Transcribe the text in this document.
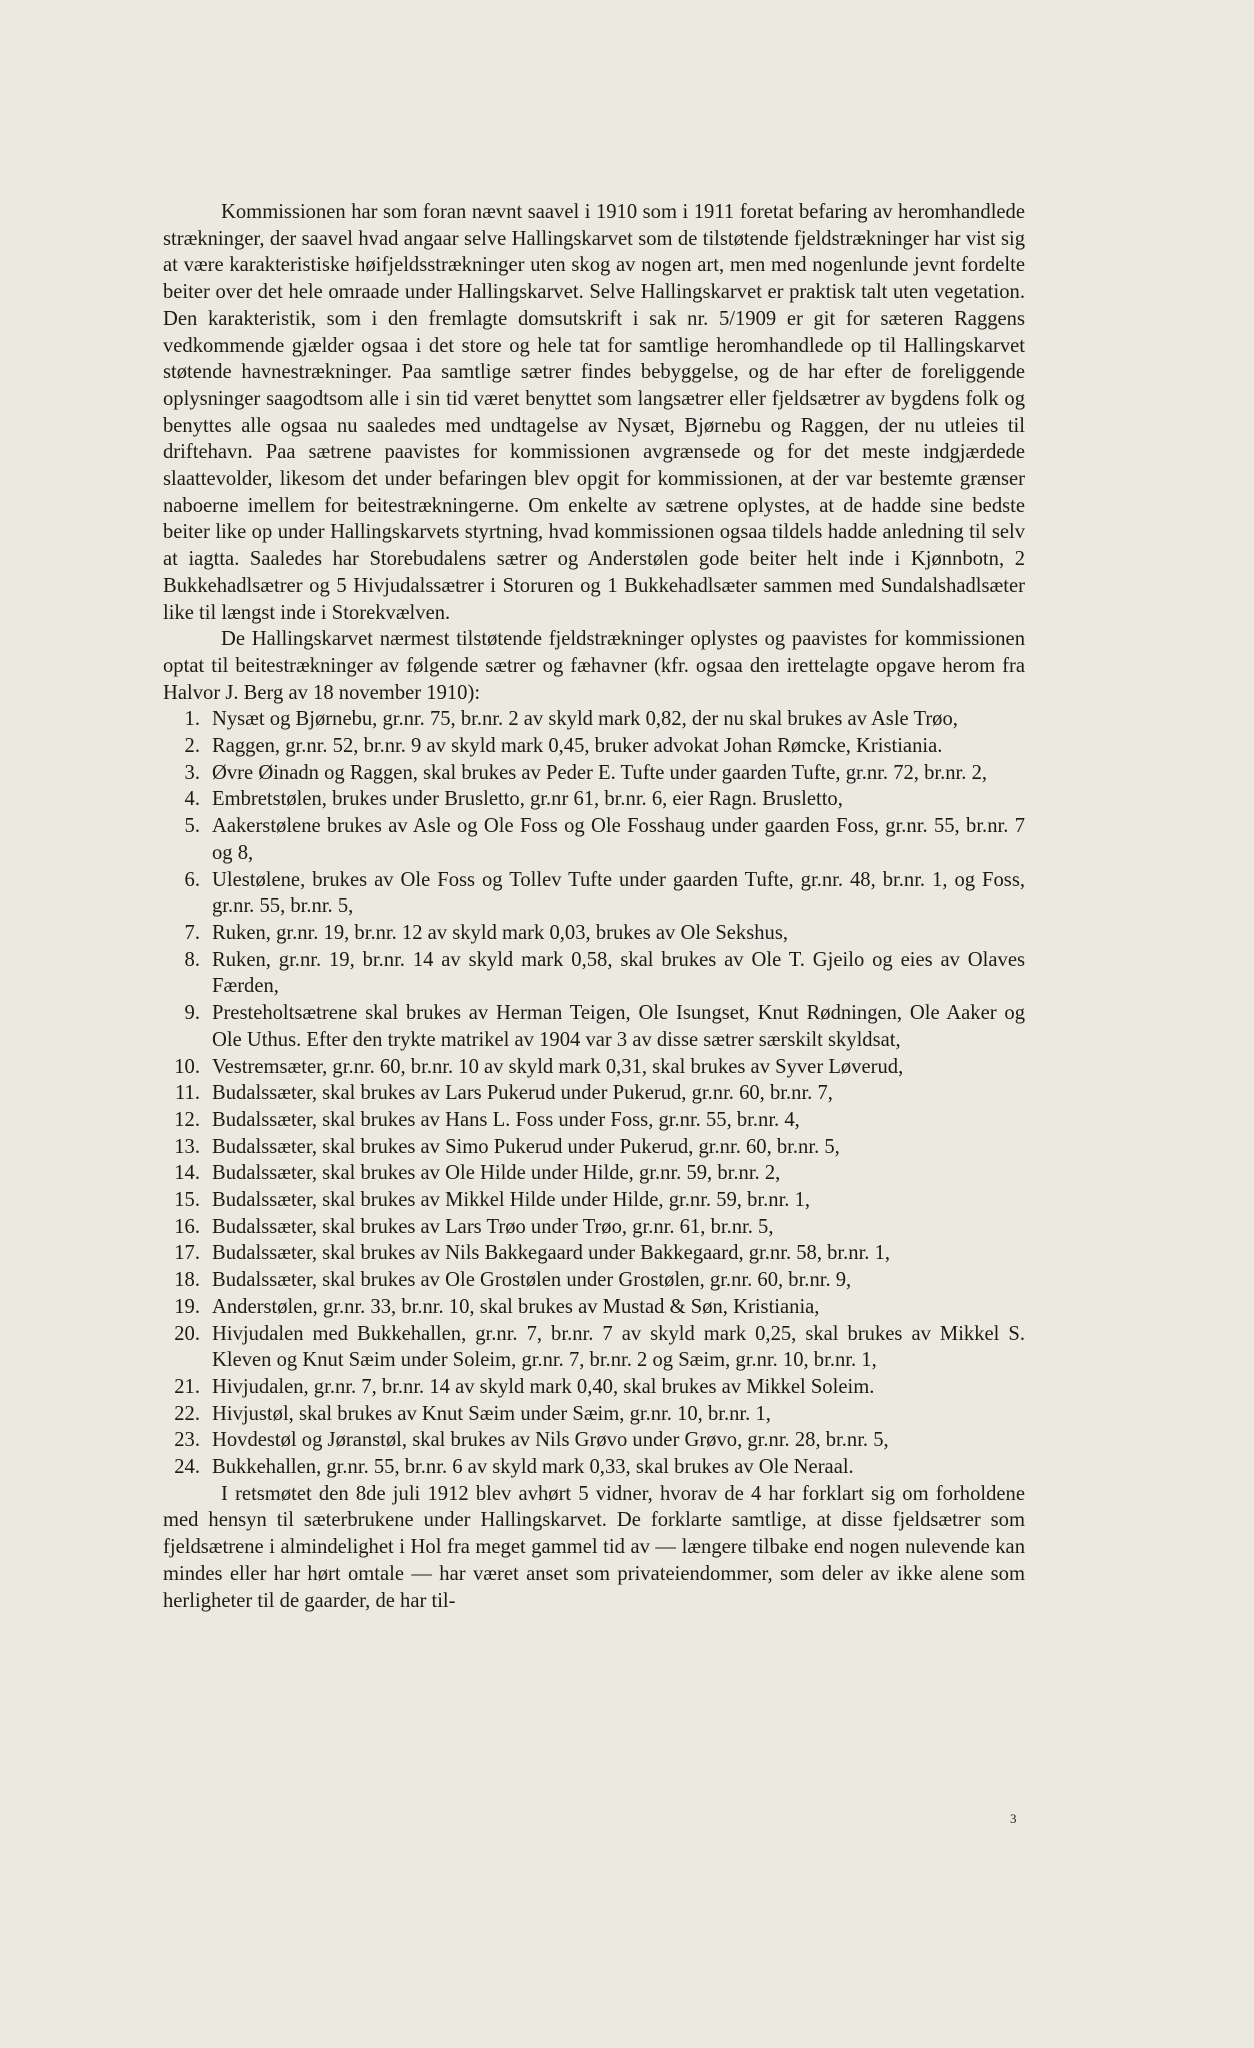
Kommissionen har som foran nævnt saavel i 1910 som i 1911 foretat befaring av heromhandlede strækninger, der saavel hvad angaar selve Hallingskarvet som de tilstøtende fjeldstrækninger har vist sig at være karakteristiske høifjeldsstrækninger uten skog av nogen art, men med nogenlunde jevnt fordelte beiter over det hele omraade under Hallingskarvet. Selve Hallingskarvet er praktisk talt uten vegetation. Den karakteristik, som i den fremlagte domsutskrift i sak nr. 5/1909 er git for sæteren Raggens vedkommende gjælder ogsaa i det store og hele tat for samtlige heromhandlede op til Hallingskarvet støtende havnestrækninger. Paa samtlige sætrer findes bebyggelse, og de har efter de foreliggende oplysninger saagodtsom alle i sin tid været benyttet som langsætrer eller fjeldsætrer av bygdens folk og benyttes alle ogsaa nu saaledes med undtagelse av Nysæt, Bjørnebu og Raggen, der nu utleies til driftehavn. Paa sætrene paavistes for kommissionen avgrænsede og for det meste indgjærdede slaattevolder, likesom det under befaringen blev opgit for kommissionen, at der var bestemte grænser naboerne imellem for beitestrækningerne. Om enkelte av sætrene oplystes, at de hadde sine bedste beiter like op under Hallingskarvets styrtning, hvad kommissionen ogsaa tildels hadde anledning til selv at iagtta. Saaledes har Storebudalens sætrer og Anderstølen gode beiter helt inde i Kjønnbotn, 2 Bukkehadlsætrer og 5 Hivjudalssætrer i Storuren og 1 Bukkehadlsæter sammen med Sundalshadlsæter like til længst inde i Storekvælven.

De Hallingskarvet nærmest tilstøtende fjeldstrækninger oplystes og paavistes for kommissionen optat til beitestrækninger av følgende sætrer og fæhavner (kfr. ogsaa den irettelagte opgave herom fra Halvor J. Berg av 18 november 1910):

1. Nysæt og Bjørnebu, gr.nr. 75, br.nr. 2 av skyld mark 0,82, der nu skal brukes av Asle Trøo,
2. Raggen, gr.nr. 52, br.nr. 9 av skyld mark 0,45, bruker advokat Johan Rømcke, Kristiania.
3. Øvre Øinadn og Raggen, skal brukes av Peder E. Tufte under gaarden Tufte, gr.nr. 72, br.nr. 2,
4. Embretstølen, brukes under Brusletto, gr.nr 61, br.nr. 6, eier Ragn. Brusletto,
5. Aakerstølene brukes av Asle og Ole Foss og Ole Fosshaug under gaarden Foss, gr.nr. 55, br.nr. 7 og 8,
6. Ulestølene, brukes av Ole Foss og Tollev Tufte under gaarden Tufte, gr.nr. 48, br.nr. 1, og Foss, gr.nr. 55, br.nr. 5,
7. Ruken, gr.nr. 19, br.nr. 12 av skyld mark 0,03, brukes av Ole Sekshus,
8. Ruken, gr.nr. 19, br.nr. 14 av skyld mark 0,58, skal brukes av Ole T. Gjeilo og eies av Olaves Færden,
9. Presteholtsætrene skal brukes av Herman Teigen, Ole Isungset, Knut Rødningen, Ole Aaker og Ole Uthus. Efter den trykte matrikel av 1904 var 3 av disse sætrer særskilt skyldsat,
10. Vestremsæter, gr.nr. 60, br.nr. 10 av skyld mark 0,31, skal brukes av Syver Løverud,
11. Budalssæter, skal brukes av Lars Pukerud under Pukerud, gr.nr. 60, br.nr. 7,
12. Budalssæter, skal brukes av Hans L. Foss under Foss, gr.nr. 55, br.nr. 4,
13. Budalssæter, skal brukes av Simo Pukerud under Pukerud, gr.nr. 60, br.nr. 5,
14. Budalssæter, skal brukes av Ole Hilde under Hilde, gr.nr. 59, br.nr. 2,
15. Budalssæter, skal brukes av Mikkel Hilde under Hilde, gr.nr. 59, br.nr. 1,
16. Budalssæter, skal brukes av Lars Trøo under Trøo, gr.nr. 61, br.nr. 5,
17. Budalssæter, skal brukes av Nils Bakkegaard under Bakkegaard, gr.nr. 58, br.nr. 1,
18. Budalssæter, skal brukes av Ole Grostølen under Grostølen, gr.nr. 60, br.nr. 9,
19. Anderstølen, gr.nr. 33, br.nr. 10, skal brukes av Mustad & Søn, Kristiania,
20. Hivjudalen med Bukkehallen, gr.nr. 7, br.nr. 7 av skyld mark 0,25, skal brukes av Mikkel S. Kleven og Knut Sæim under Soleim, gr.nr. 7, br.nr. 2 og Sæim, gr.nr. 10, br.nr. 1,
21. Hivjudalen, gr.nr. 7, br.nr. 14 av skyld mark 0,40, skal brukes av Mikkel Soleim.
22. Hivjustøl, skal brukes av Knut Sæim under Sæim, gr.nr. 10, br.nr. 1,
23. Hovdestøl og Jøranstøl, skal brukes av Nils Grøvo under Grøvo, gr.nr. 28, br.nr. 5,
24. Bukkehallen, gr.nr. 55, br.nr. 6 av skyld mark 0,33, skal brukes av Ole Neraal.

I retsmøtet den 8de juli 1912 blev avhørt 5 vidner, hvorav de 4 har forklart sig om forholdene med hensyn til sæterbrukene under Hallingskarvet. De forklarte samtlige, at disse fjeldsætrer som fjeldsætrene i almindelighet i Hol fra meget gammel tid av — længere tilbake end nogen nulevende kan mindes eller har hørt omtale — har været anset som privateiendommer, som deler av ikke alene som herligheter til de gaarder, de har til-

3
